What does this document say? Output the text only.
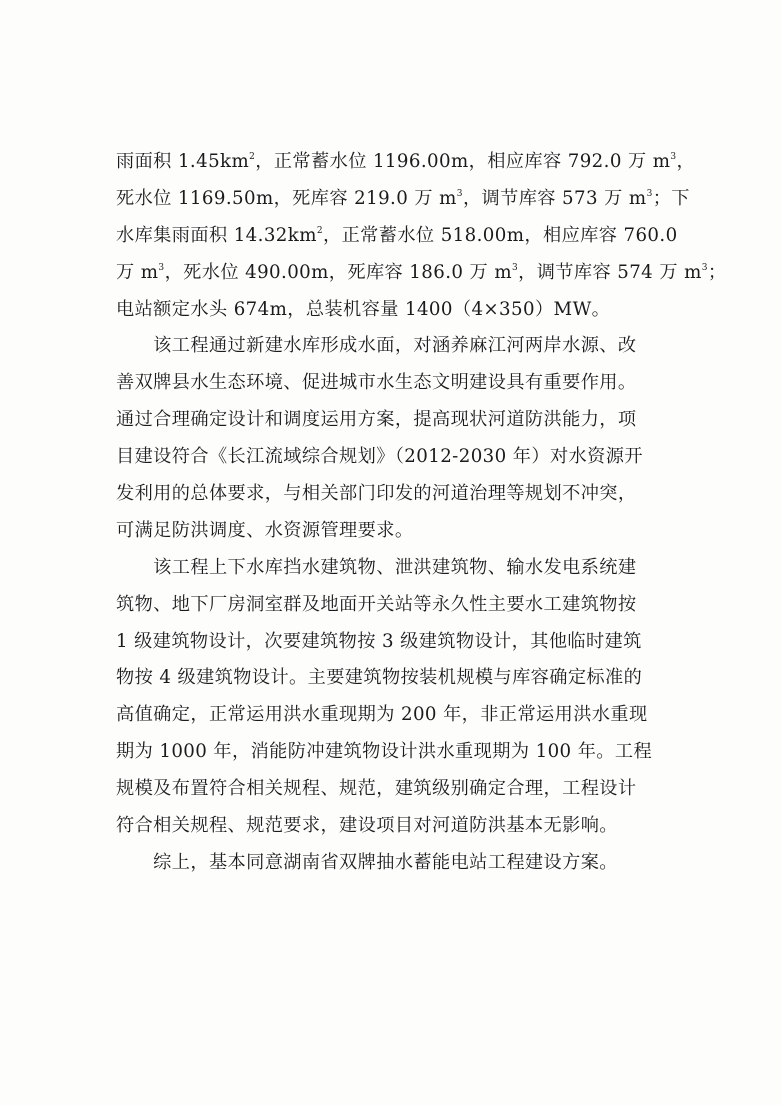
雨面积 $1.45km^2$，正常蓄水位 1196.00m，相应库容 792.0 万 $m^3$，
死水位 1169.50m，死库容 219.0 万 $m^3$，调节库容 573 万 $m^3$；下
水库集雨面积 $14.32km^2$，正常蓄水位 518.00m，相应库容 760.0
万 $m^3$，死水位 490.00m，死库容 186.0 万 $m^3$，调节库容 574 万 $m^3$；
电站额定水头 674m，总装机容量 1400（4×350）MW。
　　该工程通过新建水库形成水面，对涵养麻江河两岸水源、改
善双牌县水生态环境、促进城市水生态文明建设具有重要作用。
通过合理确定设计和调度运用方案，提高现状河道防洪能力，项
目建设符合《长江流域综合规划》（2012-2030 年）对水资源开
发利用的总体要求，与相关部门印发的河道治理等规划不冲突，
可满足防洪调度、水资源管理要求。
　　该工程上下水库挡水建筑物、泄洪建筑物、输水发电系统建
筑物、地下厂房洞室群及地面开关站等永久性主要水工建筑物按
1 级建筑物设计，次要建筑物按 3 级建筑物设计，其他临时建筑
物按 4 级建筑物设计。主要建筑物按装机规模与库容确定标准的
高值确定，正常运用洪水重现期为 200 年，非正常运用洪水重现
期为 1000 年，消能防冲建筑物设计洪水重现期为 100 年。工程
规模及布置符合相关规程、规范，建筑级别确定合理，工程设计
符合相关规程、规范要求，建设项目对河道防洪基本无影响。
　　综上，基本同意湖南省双牌抽水蓄能电站工程建设方案。
